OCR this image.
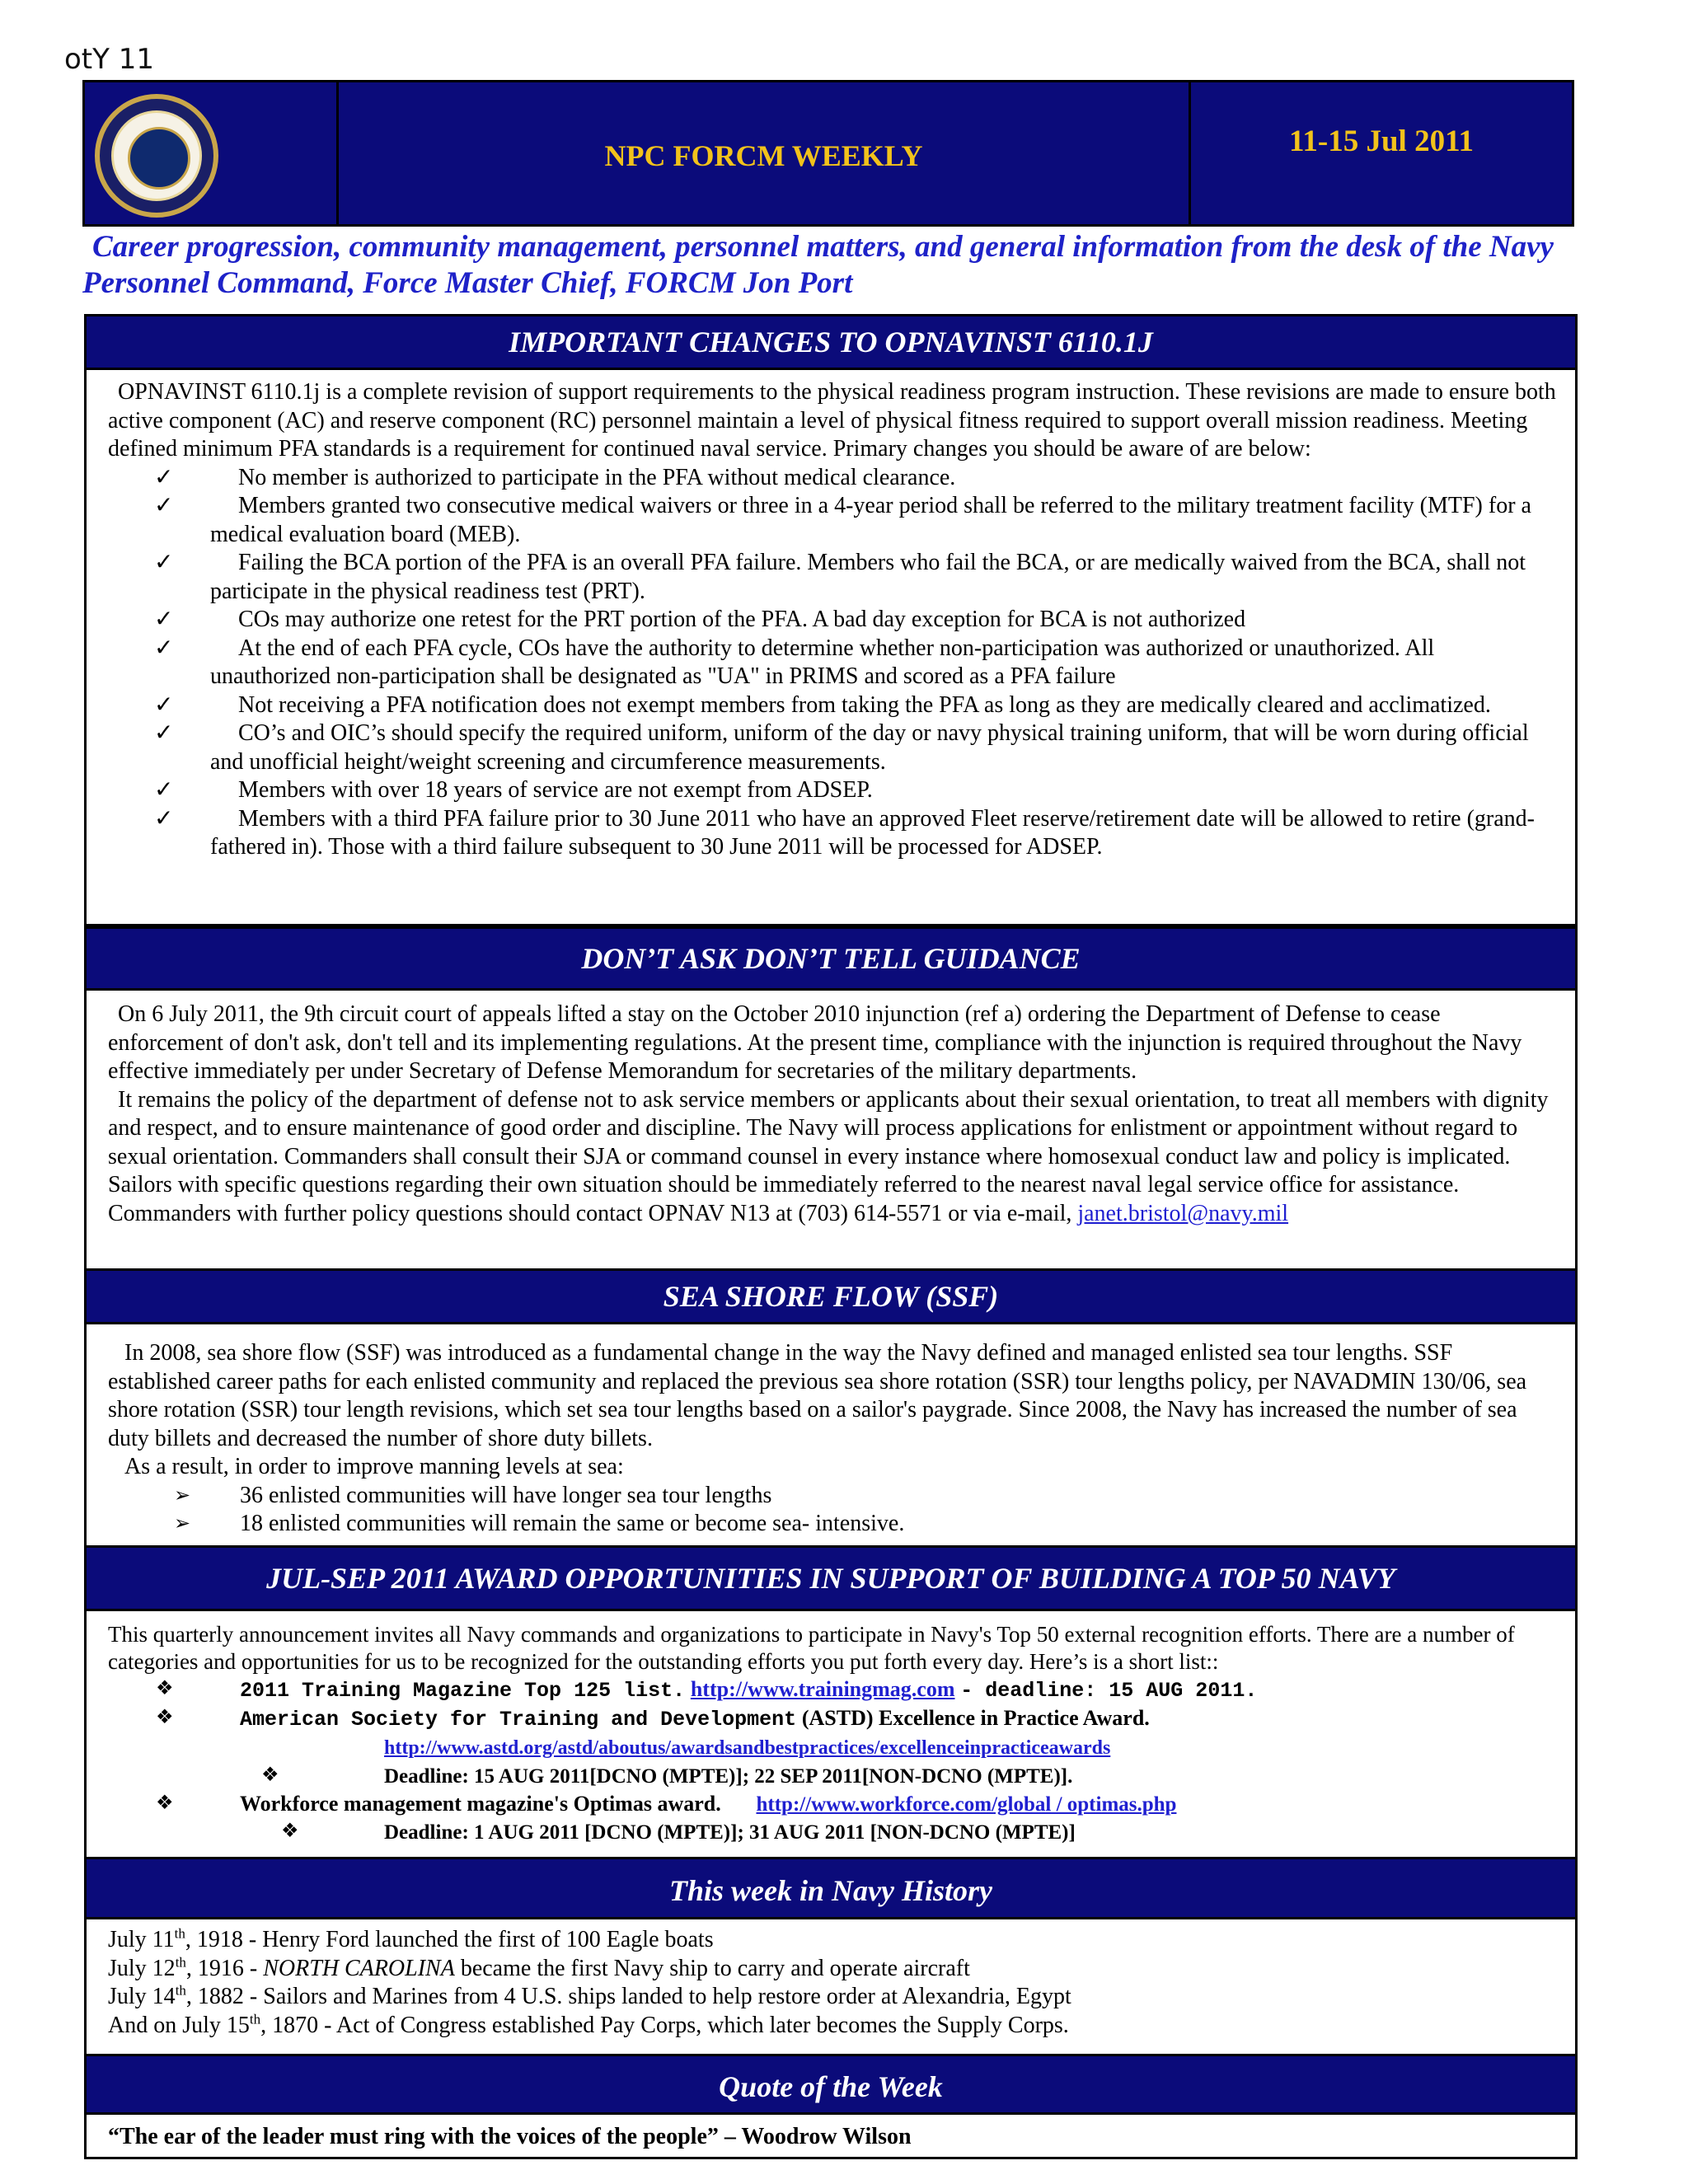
otY 11
NPC FORCM WEEKLY	11-15 Jul 2011
Career progression, community management, personnel matters, and general information from the desk of the Navy Personnel Command, Force Master Chief, FORCM Jon Port
IMPORTANT CHANGES TO OPNAVINST 6110.1J

OPNAVINST 6110.1j is a complete revision of support requirements to the physical readiness program instruction. These revisions are made to ensure both active component (AC) and reserve component (RC) personnel maintain a level of physical fitness required to support overall mission readiness. Meeting defined minimum PFA standards is a requirement for continued naval service. Primary changes you should be aware of are below:

✓	No member is authorized to participate in the PFA without medical clearance.
✓	Members granted two consecutive medical waivers or three in a 4-year period shall be referred to the military treatment facility (MTF) for a medical evaluation board (MEB).
✓	Failing the BCA portion of the PFA is an overall PFA failure. Members who fail the BCA, or are medically waived from the BCA, shall not participate in the physical readiness test (PRT).
✓	COs may authorize one retest for the PRT portion of the PFA. A bad day exception for BCA is not authorized
✓	At the end of each PFA cycle, COs have the authority to determine whether non-participation was authorized or unauthorized. All unauthorized non-participation shall be designated as "UA" in PRIMS and scored as a PFA failure
✓	Not receiving a PFA notification does not exempt members from taking the PFA as long as they are medically cleared and acclimatized.
✓	CO’s and OIC’s should specify the required uniform, uniform of the day or navy physical training uniform, that will be worn during official and unofficial height/weight screening and circumference measurements.
✓	Members with over 18 years of service are not exempt from ADSEP.
✓	Members with a third PFA failure prior to 30 June 2011 who have an approved Fleet reserve/retirement date will be allowed to retire (grand-fathered in). Those with a third failure subsequent to 30 June 2011 will be processed for ADSEP.
DON’T ASK DON’T TELL GUIDANCE

On 6 July 2011, the 9th circuit court of appeals lifted a stay on the October 2010 injunction (ref a) ordering the Department of Defense to cease enforcement of don't ask, don't tell and its implementing regulations. At the present time, compliance with the injunction is required throughout the Navy effective immediately per under Secretary of Defense Memorandum for secretaries of the military departments.

It remains the policy of the department of defense not to ask service members or applicants about their sexual orientation, to treat all members with dignity and respect, and to ensure maintenance of good order and discipline. The Navy will process applications for enlistment or appointment without regard to sexual orientation. Commanders shall consult their SJA or command counsel in every instance where homosexual conduct law and policy is implicated. Sailors with specific questions regarding their own situation should be immediately referred to the nearest naval legal service office for assistance.

Commanders with further policy questions should contact OPNAV N13 at (703) 614-5571 or via e-mail, janet.bristol@navy.mil

SEA SHORE FLOW (SSF)

In 2008, sea shore flow (SSF) was introduced as a fundamental change in the way the Navy defined and managed enlisted sea tour lengths. SSF established career paths for each enlisted community and replaced the previous sea shore rotation (SSR) tour lengths policy, per NAVADMIN 130/06, sea shore rotation (SSR) tour length revisions, which set sea tour lengths based on a sailor's paygrade. Since 2008, the Navy has increased the number of sea duty billets and decreased the number of shore duty billets.

As a result, in order to improve manning levels at sea:

➢ 36 enlisted communities will have longer sea tour lengths
➢ 18 enlisted communities will remain the same or become sea- intensive.
JUL-SEP 2011 AWARD OPPORTUNITIES IN SUPPORT OF BUILDING A TOP 50 NAVY

This quarterly announcement invites all Navy commands and organizations to participate in Navy's Top 50 external recognition efforts. There are a number of categories and opportunities for us to be recognized for the outstanding efforts you put forth every day. Here’s is a short list::

❖	2011 Training Magazine Top 125 list. http://www.trainingmag.com - deadline: 15 AUG 2011.
❖	American Society for Training and Development (ASTD) Excellence in Practice Award.
http://www.astd.org/astd/aboutus/awardsandbestpractices/excellenceinpracticeawards
❖	Deadline: 15 AUG 2011[DCNO (MPTE)]; 22 SEP 2011[NON-DCNO (MPTE)].
❖	Workforce management magazine's Optimas award. http://www.workforce.com/global / optimas.php
❖	Deadline: 1 AUG 2011 [DCNO (MPTE)]; 31 AUG 2011 [NON-DCNO (MPTE)]
This week in Navy History

July 11th, 1918 - Henry Ford launched the first of 100 Eagle boats

July 12th, 1916 - NORTH CAROLINA became the first Navy ship to carry and operate aircraft

July 14th, 1882 - Sailors and Marines from 4 U.S. ships landed to help restore order at Alexandria, Egypt

And on July 15th, 1870 - Act of Congress established Pay Corps, which later becomes the Supply Corps.

Quote of the Week

“The ear of the leader must ring with the voices of the people” – Woodrow Wilson
